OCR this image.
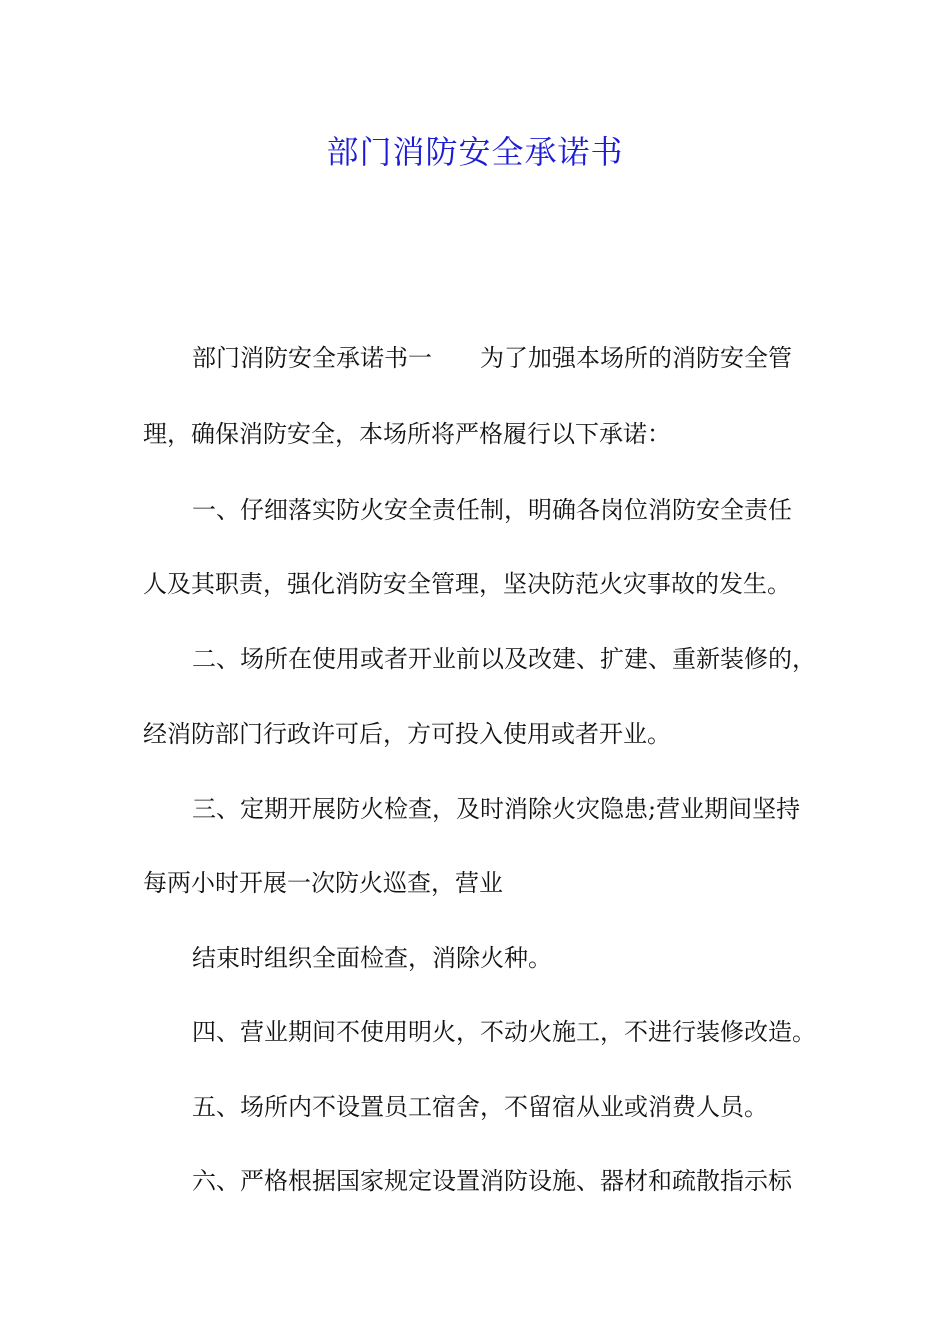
部门消防安全承诺书

部门消防安全承诺书一　　为了加强本场所的消防安全管

理，确保消防安全，本场所将严格履行以下承诺：

一、仔细落实防火安全责任制，明确各岗位消防安全责任

人及其职责，强化消防安全管理，坚决防范火灾事故的发生。

二、场所在使用或者开业前以及改建、扩建、重新装修的，

经消防部门行政许可后，方可投入使用或者开业。

三、定期开展防火检查，及时消除火灾隐患;营业期间坚持

每两小时开展一次防火巡查，营业

结束时组织全面检查，消除火种。

四、营业期间不使用明火，不动火施工，不进行装修改造。

五、场所内不设置员工宿舍，不留宿从业或消费人员。

六、严格根据国家规定设置消防设施、器材和疏散指示标
